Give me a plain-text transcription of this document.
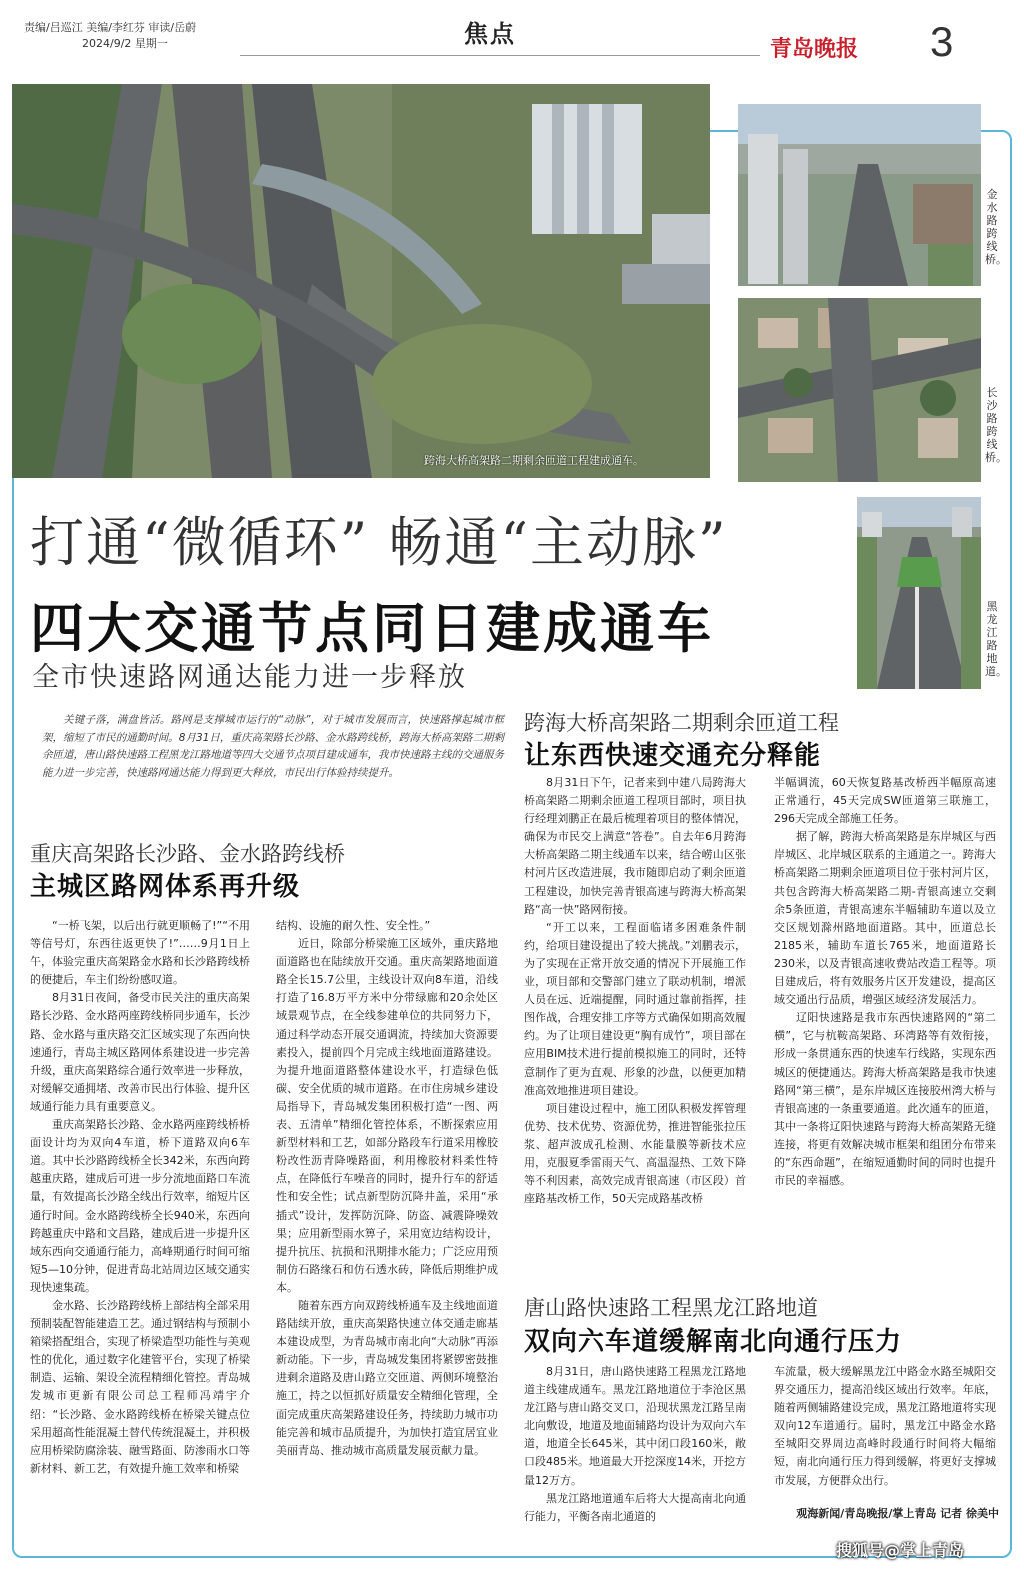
责编/吕巡江 美编/李红芬 审读/岳蔚
2024/9/2 星期一	焦点
青岛晚报 3
跨海大桥高架路二期剩余匝道工程建成通车。
金水路跨线桥。
长沙路跨线桥。
黑龙江路地道。
打通“微循环” 畅通“主动脉”
四大交通节点同日建成通车
全市快速路网通达能力进一步释放
关键子落，满盘皆活。路网是支撑城市运行的“动脉”，对于城市发展而言，快速路撑起城市框架，缩短了市民的通勤时间。8月31日，重庆高架路长沙路、金水路跨线桥，跨海大桥高架路二期剩余匝道，唐山路快速路工程黑龙江路地道等四大交通节点项目建成通车，我市快速路主线的交通服务能力进一步完善，快速路网通达能力得到更大释放，市民出行体验持续提升。
重庆高架路长沙路、金水路跨线桥
主城区路网体系再升级

“一桥飞架，以后出行就更顺畅了!”“不用等信号灯，东西往返更快了!”……9月1日上午，体验完重庆高架路金水路和长沙路跨线桥的便捷后，车主们纷纷感叹道。

8月31日夜间，备受市民关注的重庆高架路长沙路、金水路两座跨线桥同步通车，长沙路、金水路与重庆路交汇区域实现了东西向快速通行，青岛主城区路网体系建设进一步完善升级，重庆高架路综合通行效率进一步释放，对缓解交通拥堵、改善市民出行体验、提升区域通行能力具有重要意义。

重庆高架路长沙路、金水路两座跨线桥桥面设计均为双向4车道，桥下道路双向6车道。其中长沙路跨线桥全长342米，东西向跨越重庆路，建成后可进一步分流地面路口车流量，有效提高长沙路全线出行效率，缩短片区通行时间。金水路跨线桥全长940米，东西向跨越重庆中路和文昌路，建成后进一步提升区域东西向交通通行能力，高峰期通行时间可缩短5—10分钟，促进青岛北站周边区域交通实现快速集疏。

金水路、长沙路跨线桥上部结构全部采用预制装配智能建造工艺。通过钢结构与预制小箱梁搭配组合，实现了桥梁造型功能性与美观性的优化，通过数字化建管平台，实现了桥梁制造、运输、架设全流程精细化管控。青岛城发城市更新有限公司总工程师冯靖宇介绍：“长沙路、金水路跨线桥在桥梁关键点位采用超高性能混凝土替代传统混凝土，并积极应用桥梁防腐涂装、融雪路面、防渗雨水口等新材料、新工艺，有效提升施工效率和桥梁

结构、设施的耐久性、安全性。”

近日，除部分桥梁施工区域外，重庆路地面道路也在陆续放开交通。重庆高架路地面道路全长15.7公里，主线设计双向8车道，沿线打造了16.8万平方米中分带绿廊和20余处区域景观节点，在全线参建单位的共同努力下，通过科学动态开展交通调流，持续加大资源要素投入，提前四个月完成主线地面道路建设。为提升地面道路整体建设水平，打造绿色低碳、安全优质的城市道路。在市住房城乡建设局指导下，青岛城发集团积极打造“一图、两表、五清单”精细化管控体系，不断探索应用新型材料和工艺，如部分路段车行道采用橡胶粉改性沥青降噪路面，利用橡胶材料柔性特点，在降低行车噪音的同时，提升行车的舒适性和安全性；试点新型防沉降井盖，采用“承插式”设计，发挥防沉降、防盗、减震降噪效果；应用新型雨水箅子，采用宽边结构设计，提升抗压、抗损和汛期排水能力；广泛应用预制仿石路缘石和仿石透水砖，降低后期维护成本。

随着东西方向双跨线桥通车及主线地面道路陆续开放，重庆高架路快速立体交通走廊基本建设成型，为青岛城市南北向“大动脉”再添新动能。下一步，青岛城发集团将紧锣密鼓推进剩余道路及唐山路立交匝道、两侧环境整治施工，持之以恒抓好质量安全精细化管理，全面完成重庆高架路建设任务，持续助力城市功能完善和城市品质提升，为加快打造宜居宜业美丽青岛、推动城市高质量发展贡献力量。

跨海大桥高架路二期剩余匝道工程
让东西快速交通充分释能

8月31日下午，记者来到中建八局跨海大桥高架路二期剩余匝道工程项目部时，项目执行经理刘鹏正在最后梳理着项目的整体情况，确保为市民交上满意“答卷”。自去年6月跨海大桥高架路二期主线通车以来，结合崂山区张村河片区改造进展，我市随即启动了剩余匝道工程建设，加快完善青银高速与跨海大桥高架路“高一快”路网衔接。

“开工以来，工程面临诸多困难条件制约，给项目建设提出了较大挑战。”刘鹏表示，为了实现在正常开放交通的情况下开展施工作业，项目部和交警部门建立了联动机制，增派人员在远、近端提醒，同时通过靠前指挥，挂图作战，合理安排工序等方式确保如期高效履约。为了让项目建设更“胸有成竹”，项目部在应用BIM技术进行提前模拟施工的同时，还特意制作了更为直观、形象的沙盘，以便更加精准高效地推进项目建设。

项目建设过程中，施工团队积极发挥管理优势、技术优势、资源优势，推进智能张拉压浆、超声波成孔检测、水能量膜等新技术应用，克服夏季雷雨天气、高温湿热、工效下降等不利因素，高效完成青银高速（市区段）首座路基改桥工作，50天完成路基改桥

半幅调流，60天恢复路基改桥西半幅原高速正常通行，45天完成SW匝道第三联施工，296天完成全部施工任务。

据了解，跨海大桥高架路是东岸城区与西岸城区、北岸城区联系的主通道之一。跨海大桥高架路二期剩余匝道项目位于张村河片区，共包含跨海大桥高架路二期-青银高速立交剩余5条匝道，青银高速东半幅辅助车道以及立交区规划滁州路地面道路。其中，匝道总长2185米，辅助车道长765米，地面道路长230米，以及青银高速收费站改造工程等。项目建成后，将有效服务片区开发建设，提高区域交通出行品质，增强区域经济发展活力。

辽阳快速路是我市东西快速路网的“第二横”，它与杭鞍高架路、环湾路等有效衔接，形成一条贯通东西的快速车行线路，实现东西城区的便捷通达。跨海大桥高架路是我市快速路网“第三横”，是东岸城区连接胶州湾大桥与青银高速的一条重要通道。此次通车的匝道，其中一条将辽阳快速路与跨海大桥高架路无缝连接，将更有效解决城市框架和组团分布带来的“东西命题”，在缩短通勤时间的同时也提升市民的幸福感。

唐山路快速路工程黑龙江路地道
双向六车道缓解南北向通行压力

8月31日，唐山路快速路工程黑龙江路地道主线建成通车。黑龙江路地道位于李沧区黑龙江路与唐山路交叉口，沿现状黑龙江路呈南北向敷设，地道及地面辅路均设计为双向六车道，地道全长645米，其中闭口段160米，敞口段485米。地道最大开挖深度14米，开挖方量12万方。

黑龙江路地道通车后将大大提高南北向通行能力，平衡各南北通道的

车流量，极大缓解黑龙江中路金水路至城阳交界交通压力，提高沿线区域出行效率。年底，随着两侧辅路建设完成，黑龙江路地道将实现双向12车道通行。届时，黑龙江中路金水路至城阳交界周边高峰时段通行时间将大幅缩短，南北向通行压力得到缓解，将更好支撑城市发展，方便群众出行。

观海新闻/青岛晚报/掌上青岛 记者 徐美中
搜狐号@掌上青岛
